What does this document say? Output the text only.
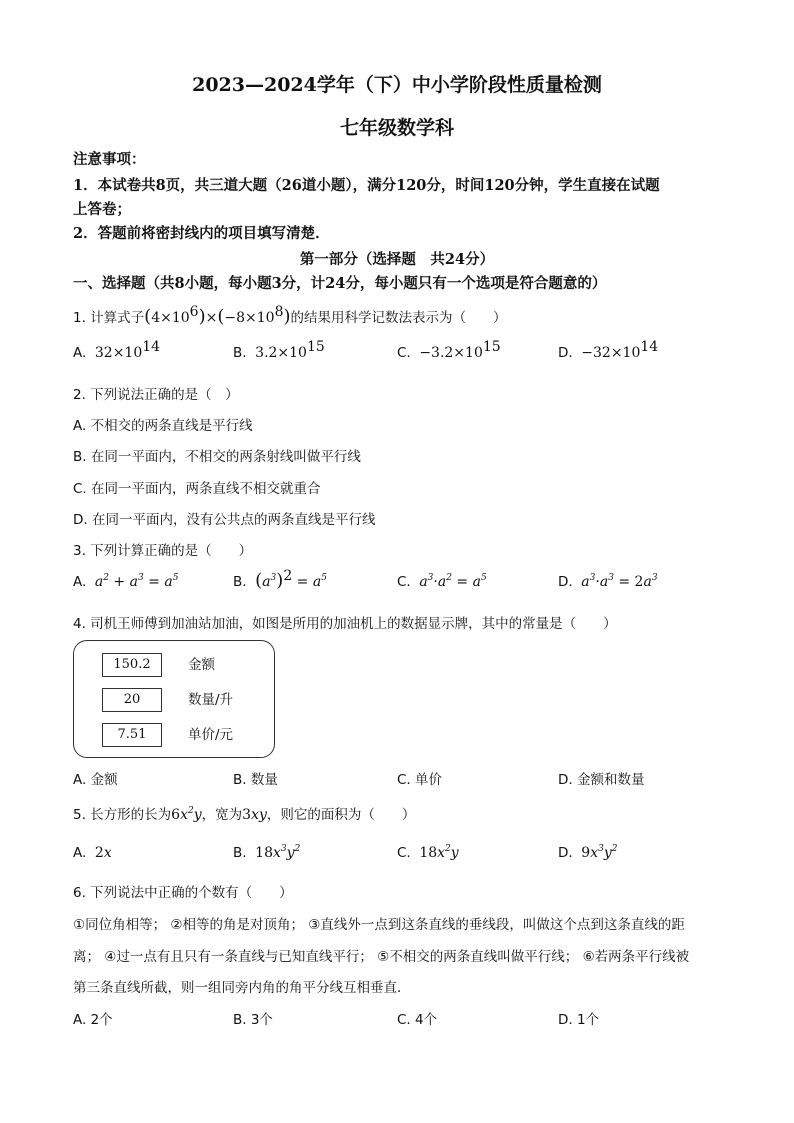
2023—2024学年（下）中小学阶段性质量检测
七年级数学科
注意事项：
1．本试卷共8页，共三道大题（26道小题），满分120分，时间120分钟，学生直接在试题
上答卷；
2．答题前将密封线内的项目填写清楚．
第一部分（选择题　共24分）
一、选择题（共8小题，每小题3分，计24分，每小题只有一个选项是符合题意的）
1. 计算式子$(4\times 10^6)\times(-8\times 10^8)$的结果用科学记数法表示为（　　）
A. $32\times 10^{14}$	B. $3.2\times 10^{15}$	C. $-3.2\times 10^{15}$	D. $-32\times 10^{14}$
2. 下列说法正确的是（　）
A. 不相交的两条直线是平行线
B. 在同一平面内，不相交的两条射线叫做平行线
C. 在同一平面内，两条直线不相交就重合
D. 在同一平面内，没有公共点的两条直线是平行线
3. 下列计算正确的是（　　）
A. $a^2 + a^3 = a^5$	B. $(a^3)^2 = a^5$	C. $a^3\cdot a^2 = a^5$	D. $a^3\cdot a^3 = 2a^3$
4. 司机王师傅到加油站加油，如图是所用的加油机上的数据显示牌，其中的常量是（　　）
150.2	金额
20	数量/升
7.51	单价/元
A. 金额	B. 数量	C. 单价	D. 金额和数量
5. 长方形的长为$6x^2y$，宽为3xy，则它的面积为（　　）
A. 2x	B. $18x^3y^2$	C. $18x^2y$	D. $9x^3y^2$
6. 下列说法中正确的个数有（　　）
①同位角相等； ②相等的角是对顶角； ③直线外一点到这条直线的垂线段，叫做这个点到这条直线的距
离； ④过一点有且只有一条直线与已知直线平行； ⑤不相交的两条直线叫做平行线； ⑥若两条平行线被
第三条直线所截，则一组同旁内角的角平分线互相垂直．
A. 2个	B. 3个	C. 4个	D. 1个
